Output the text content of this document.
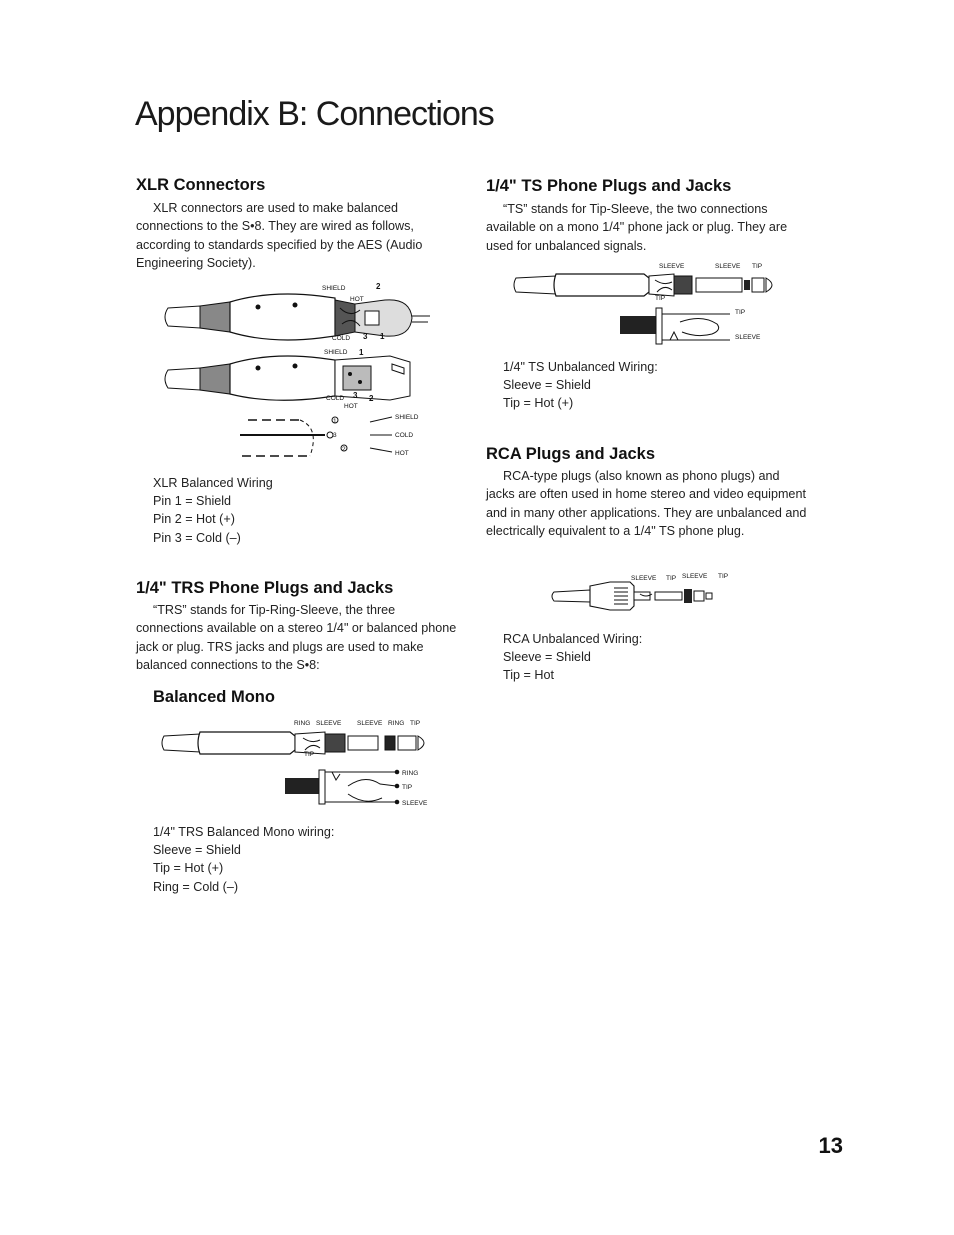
Appendix B: Connections
XLR Connectors

XLR connectors are used to make balanced connections to the S•8. They are wired as follows, according to standards specified by the AES (Audio Engineering Society).

SHIELD
HOT
COLD
2
3 1
SHIELD
COLD
HOT
1
3 2
1
3
2
SHIELD
COLD
HOT
XLR Balanced Wiring
Pin 1 = Shield
Pin 2 = Hot (+)
Pin 3 = Cold (–)
1/4" TRS Phone Plugs and Jacks

“TRS” stands for Tip-Ring-Sleeve, the three connections available on a stereo 1/4" or balanced phone jack or plug. TRS jacks and plugs are used to make balanced connections to the S•8:

Balanced Mono
RING SLEEVE SLEEVE RING TIP
TIP
RING
TIP
SLEEVE
1/4" TRS Balanced Mono wiring:
Sleeve = Shield
Tip = Hot (+)
Ring = Cold (–)
1/4" TS Phone Plugs and Jacks

“TS” stands for Tip-Sleeve, the two connections available on a mono 1/4" phone jack or plug. They are used for unbalanced signals.

SLEEVE	SLEEVE TIP
TIP
TIP
SLEEVE
1/4" TS Unbalanced Wiring:
Sleeve = Shield
Tip = Hot (+)
RCA Plugs and Jacks

RCA-type plugs (also known as phono plugs) and jacks are often used in home stereo and video equipment and in many other applications. They are unbalanced and electrically equivalent to a 1/4" TS phone plug.

SLEEVE TIP SLEEVE TIP
RCA Unbalanced Wiring:
Sleeve = Shield
Tip = Hot
13
